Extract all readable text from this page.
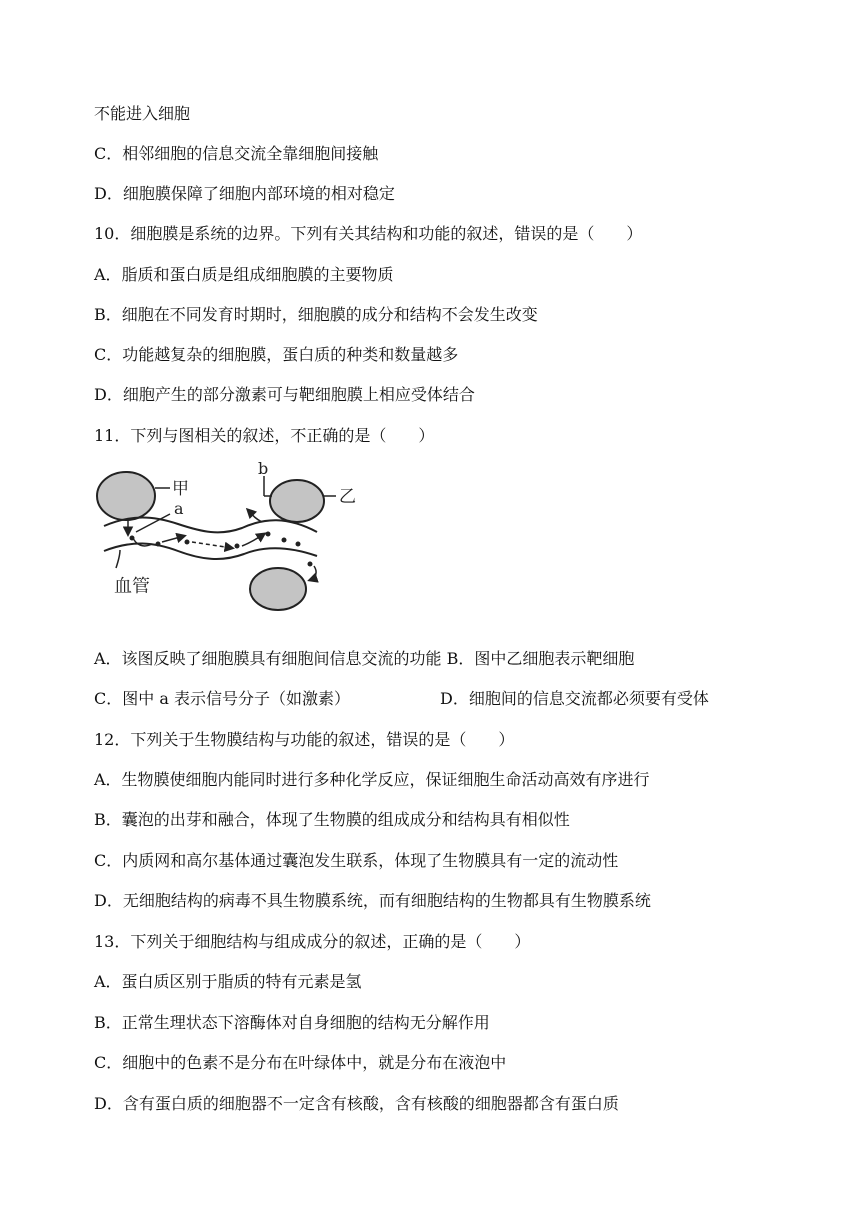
不能进入细胞
C．相邻细胞的信息交流全靠细胞间接触
D．细胞膜保障了细胞内部环境的相对稳定
10．细胞膜是系统的边界。下列有关其结构和功能的叙述，错误的是（　　）
A．脂质和蛋白质是组成细胞膜的主要物质
B．细胞在不同发育时期时，细胞膜的成分和结构不会发生改变
C．功能越复杂的细胞膜，蛋白质的种类和数量越多
D．细胞产生的部分激素可与靶细胞膜上相应受体结合
11．下列与图相关的叙述，不正确的是（　　）
甲
a
b
乙
血管
A．该图反映了细胞膜具有细胞间信息交流的功能 B．图中乙细胞表示靶细胞
C．图中 a 表示信号分子（如激素）	D．细胞间的信息交流都必须要有受体
12．下列关于生物膜结构与功能的叙述，错误的是（　　）
A．生物膜使细胞内能同时进行多种化学反应，保证细胞生命活动高效有序进行
B．囊泡的出芽和融合，体现了生物膜的组成成分和结构具有相似性
C．内质网和高尔基体通过囊泡发生联系，体现了生物膜具有一定的流动性
D．无细胞结构的病毒不具生物膜系统，而有细胞结构的生物都具有生物膜系统
13．下列关于细胞结构与组成成分的叙述，正确的是（　　）
A．蛋白质区别于脂质的特有元素是氢
B．正常生理状态下溶酶体对自身细胞的结构无分解作用
C．细胞中的色素不是分布在叶绿体中，就是分布在液泡中
D．含有蛋白质的细胞器不一定含有核酸，含有核酸的细胞器都含有蛋白质
